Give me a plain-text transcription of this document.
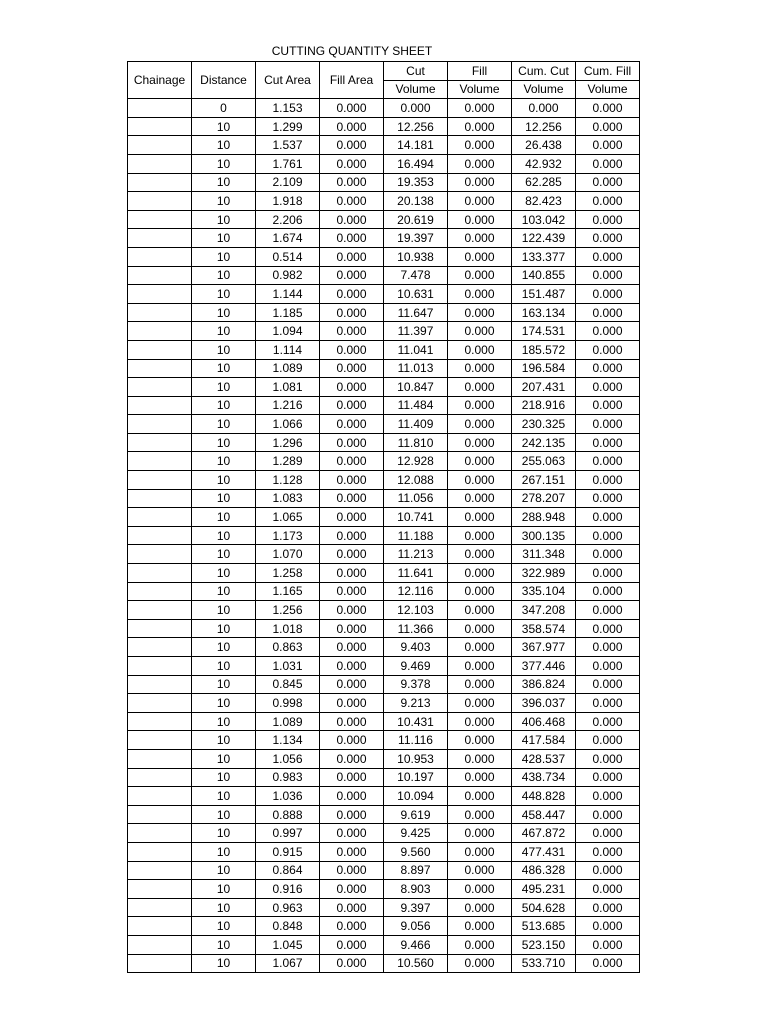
CUTTING QUANTITY SHEET
Chainage	Distance	Cut Area	Fill Area	Cut	Fill	Cum. Cut	Cum. Fill
				Volume	Volume	Volume	Volume
	0	1.153	0.000	0.000	0.000	0.000	0.000
	10	1.299	0.000	12.256	0.000	12.256	0.000
	10	1.537	0.000	14.181	0.000	26.438	0.000
	10	1.761	0.000	16.494	0.000	42.932	0.000
	10	2.109	0.000	19.353	0.000	62.285	0.000
	10	1.918	0.000	20.138	0.000	82.423	0.000
	10	2.206	0.000	20.619	0.000	103.042	0.000
	10	1.674	0.000	19.397	0.000	122.439	0.000
	10	0.514	0.000	10.938	0.000	133.377	0.000
	10	0.982	0.000	7.478	0.000	140.855	0.000
	10	1.144	0.000	10.631	0.000	151.487	0.000
	10	1.185	0.000	11.647	0.000	163.134	0.000
	10	1.094	0.000	11.397	0.000	174.531	0.000
	10	1.114	0.000	11.041	0.000	185.572	0.000
	10	1.089	0.000	11.013	0.000	196.584	0.000
	10	1.081	0.000	10.847	0.000	207.431	0.000
	10	1.216	0.000	11.484	0.000	218.916	0.000
	10	1.066	0.000	11.409	0.000	230.325	0.000
	10	1.296	0.000	11.810	0.000	242.135	0.000
	10	1.289	0.000	12.928	0.000	255.063	0.000
	10	1.128	0.000	12.088	0.000	267.151	0.000
	10	1.083	0.000	11.056	0.000	278.207	0.000
	10	1.065	0.000	10.741	0.000	288.948	0.000
	10	1.173	0.000	11.188	0.000	300.135	0.000
	10	1.070	0.000	11.213	0.000	311.348	0.000
	10	1.258	0.000	11.641	0.000	322.989	0.000
	10	1.165	0.000	12.116	0.000	335.104	0.000
	10	1.256	0.000	12.103	0.000	347.208	0.000
	10	1.018	0.000	11.366	0.000	358.574	0.000
	10	0.863	0.000	9.403	0.000	367.977	0.000
	10	1.031	0.000	9.469	0.000	377.446	0.000
	10	0.845	0.000	9.378	0.000	386.824	0.000
	10	0.998	0.000	9.213	0.000	396.037	0.000
	10	1.089	0.000	10.431	0.000	406.468	0.000
	10	1.134	0.000	11.116	0.000	417.584	0.000
	10	1.056	0.000	10.953	0.000	428.537	0.000
	10	0.983	0.000	10.197	0.000	438.734	0.000
	10	1.036	0.000	10.094	0.000	448.828	0.000
	10	0.888	0.000	9.619	0.000	458.447	0.000
	10	0.997	0.000	9.425	0.000	467.872	0.000
	10	0.915	0.000	9.560	0.000	477.431	0.000
	10	0.864	0.000	8.897	0.000	486.328	0.000
	10	0.916	0.000	8.903	0.000	495.231	0.000
	10	0.963	0.000	9.397	0.000	504.628	0.000
	10	0.848	0.000	9.056	0.000	513.685	0.000
	10	1.045	0.000	9.466	0.000	523.150	0.000
	10	1.067	0.000	10.560	0.000	533.710	0.000
